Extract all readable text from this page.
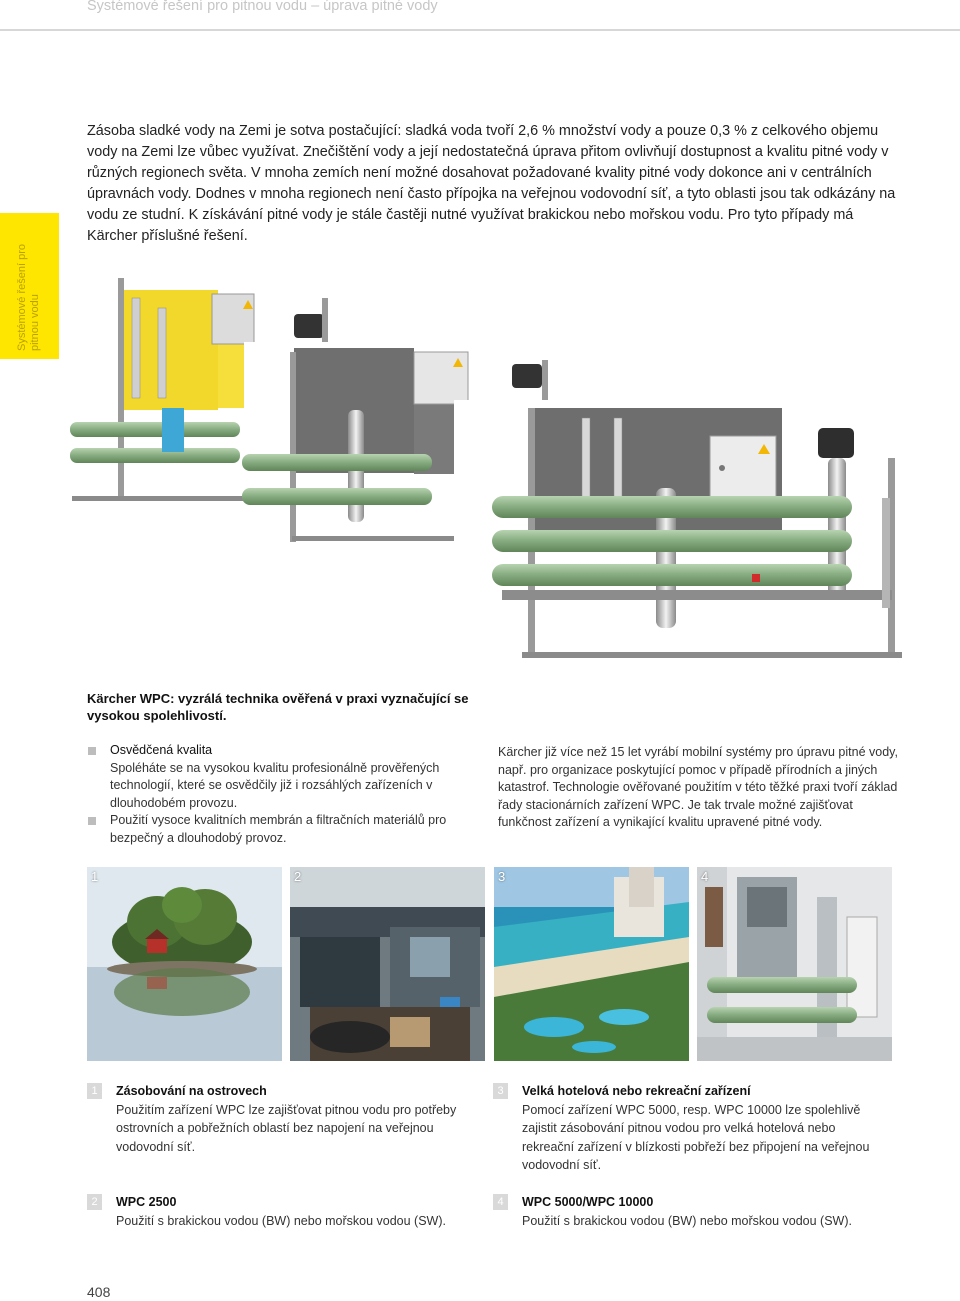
Systémové řešení pro pitnou vodu – úprava pitné vody
Systémové řešení pro pitnou vodu
Zásoba sladké vody na Zemi je sotva postačující: sladká voda tvoří 2,6 % množství vody a pouze 0,3 % z celkového objemu vody na Zemi lze vůbec využívat. Znečištění vody a její nedostatečná úprava přitom ovlivňují dostupnost a kvalitu pitné vody v různých regionech světa. V mnoha zemích není možné dosahovat požadované kvality pitné vody dokonce ani v centrálních úpravnách vody. Dodnes v mnoha regionech není často přípojka na veřejnou vodovodní síť, a tyto oblasti jsou tak odkázány na vodu ze studní. K získávání pitné vody je stále častěji nutné využívat brakickou nebo mořskou vodu. Pro tyto případy má Kärcher příslušné řešení.
Kärcher WPC: vyzrálá technika ověřená v praxi vyznačující se vysokou spolehlivostí.
Osvědčená kvalita
Spoléháte se na vysokou kvalitu profesionálně prověřených technologií, které se osvědčily již i rozsáhlých zařízeních v dlouhodobém provozu.
Použití vysoce kvalitních membrán a filtračních materiálů pro bezpečný a dlouhodobý provoz.
Kärcher již více než 15 let vyrábí mobilní systémy pro úpravu pitné vody, např. pro organizace poskytující pomoc v případě přírodních a jiných katastrof. Technologie ověřované použitím v této těžké praxi tvoří základ řady stacionárních zařízení WPC. Je tak trvale možné zajišťovat funkčnost zařízení a vynikající kvalitu upravené pitné vody.
1	2	3	4
1	Zásobování na ostrovech
Použitím zařízení WPC lze zajišťovat pitnou vodu pro potřeby ostrovních a pobřežních oblastí bez napojení na veřejnou vodovodní síť.
3	Velká hotelová nebo rekreační zařízení
Pomocí zařízení WPC 5000, resp. WPC 10000 lze spolehlivě zajistit zásobování pitnou vodou pro velká hotelová nebo rekreační zařízení v blízkosti pobřeží bez připojení na veřejnou vodovodní síť.
2	WPC 2500
Použití s brakickou vodou (BW) nebo mořskou vodou (SW).
4	WPC 5000/WPC 10000
Použití s brakickou vodou (BW) nebo mořskou vodou (SW).
408
